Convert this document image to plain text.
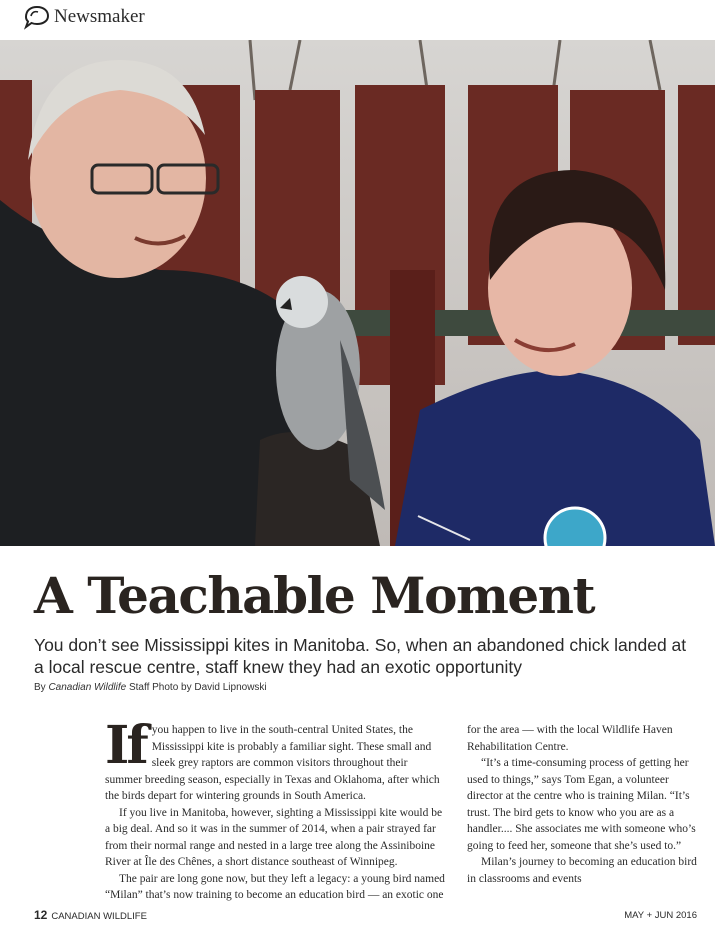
Newsmaker
A Teachable Moment
You don’t see Mississippi kites in Manitoba. So, when an abandoned chick landed at a local rescue centre, staff knew they had an exotic opportunity
By Canadian Wildlife Staff Photo by David Lipnowski

If you happen to live in the south-central United States, the Mississippi kite is probably a familiar sight. These small and sleek grey raptors are common visitors throughout their summer breeding season, especially in Texas and Oklahoma, after which the birds depart for wintering grounds in South America.

If you live in Manitoba, however, sighting a Mississippi kite would be a big deal. And so it was in the summer of 2014, when a pair strayed far from their normal range and nested in a large tree along the Assiniboine River at Île des Chênes, a short distance southeast of Winnipeg.

The pair are long gone now, but they left a legacy: a young bird named “Milan” that’s now training to become an education bird — an exotic one

for the area — with the local Wildlife Haven Rehabilitation Centre.

“It’s a time-consuming process of getting her used to things,” says Tom Egan, a volunteer director at the centre who is training Milan. “It’s trust. The bird gets to know who you are as a handler.... She associates me with someone who’s going to feed her, someone that she’s used to.”

Milan’s journey to becoming an education bird in classrooms and events

12 CANADIAN WILDLIFE	MAY + JUN 2016
